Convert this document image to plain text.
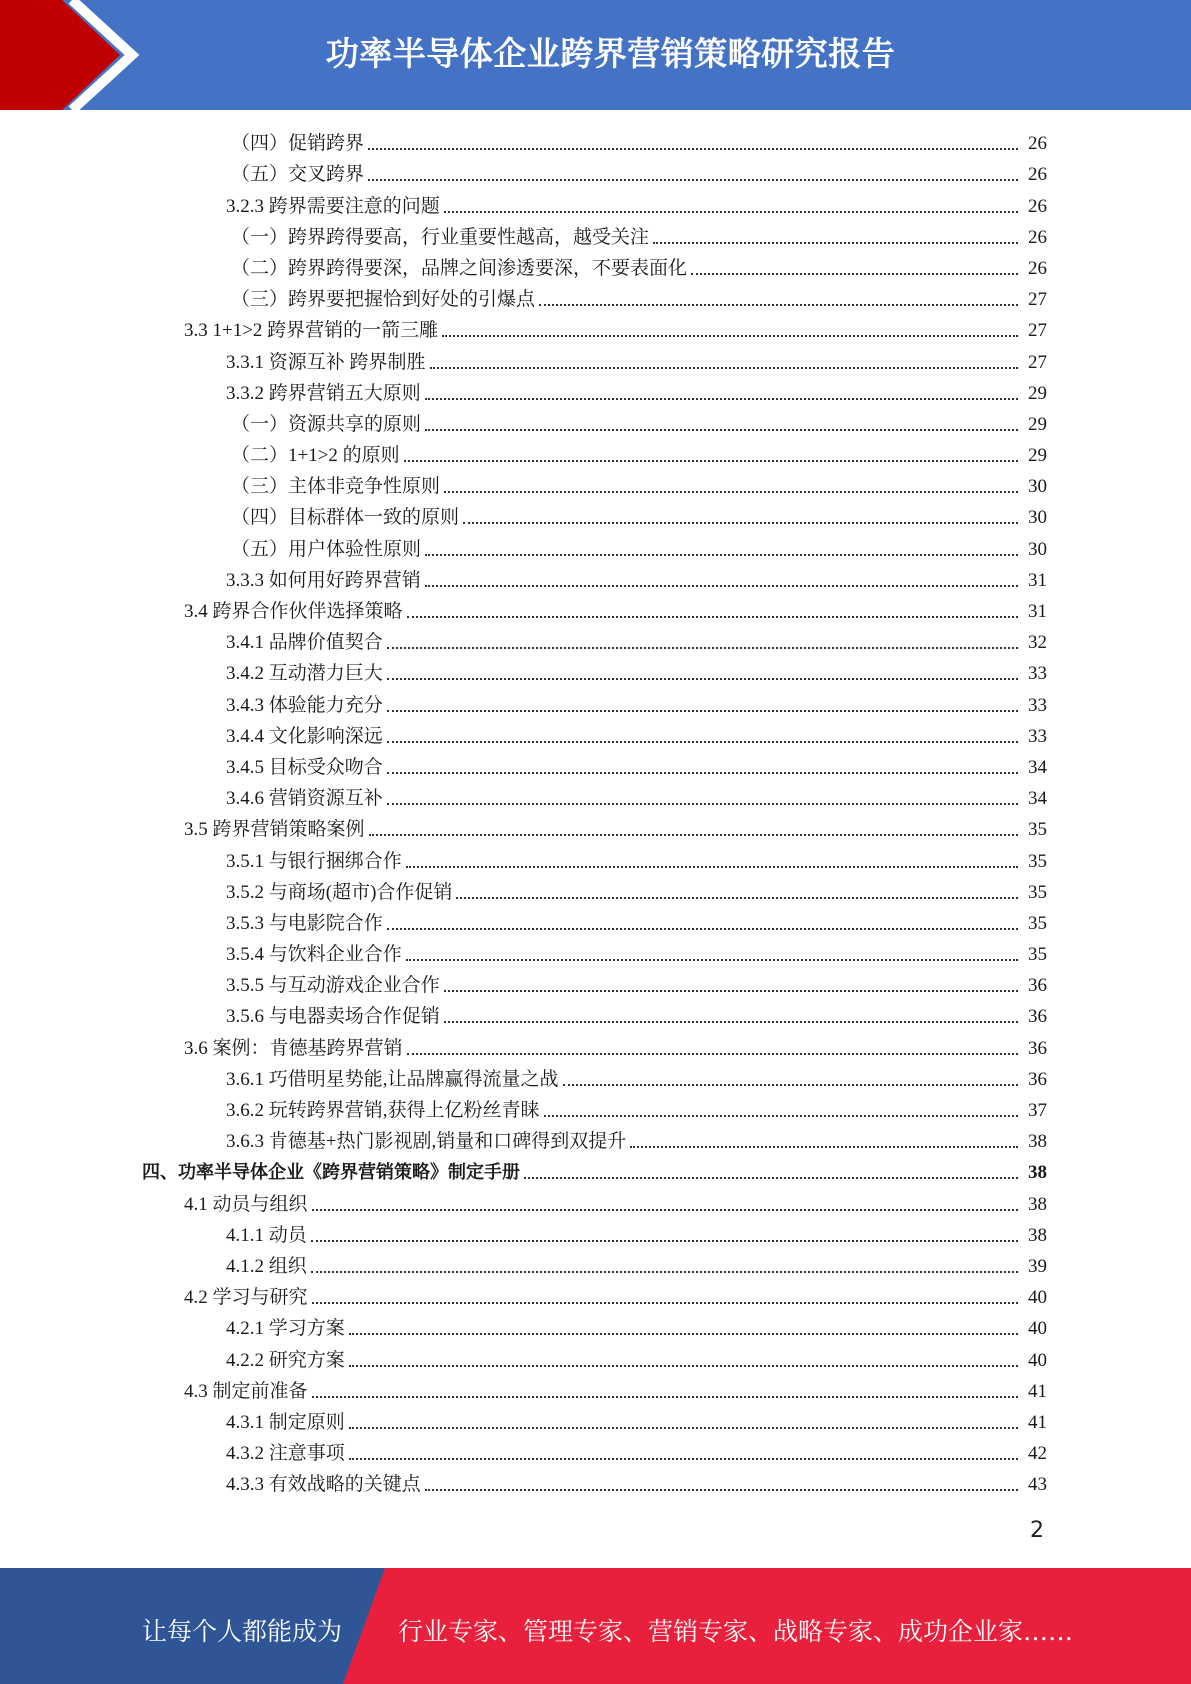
功率半导体企业跨界营销策略研究报告
（四）促销跨界	26
（五）交叉跨界	26
3.2.3 跨界需要注意的问题	26
（一）跨界跨得要高，行业重要性越高，越受关注	26
（二）跨界跨得要深，品牌之间渗透要深，不要表面化	26
（三）跨界要把握恰到好处的引爆点	27
3.3 1+1>2 跨界营销的一箭三雕	27
3.3.1 资源互补 跨界制胜	27
3.3.2 跨界营销五大原则	29
（一）资源共享的原则	29
（二）1+1>2 的原则	29
（三）主体非竞争性原则	30
（四）目标群体一致的原则	30
（五）用户体验性原则	30
3.3.3 如何用好跨界营销	31
3.4 跨界合作伙伴选择策略	31
3.4.1 品牌价值契合	32
3.4.2 互动潜力巨大	33
3.4.3 体验能力充分	33
3.4.4 文化影响深远	33
3.4.5 目标受众吻合	34
3.4.6 营销资源互补	34
3.5 跨界营销策略案例	35
3.5.1 与银行捆绑合作	35
3.5.2 与商场(超市)合作促销	35
3.5.3 与电影院合作	35
3.5.4 与饮料企业合作	35
3.5.5 与互动游戏企业合作	36
3.5.6 与电器卖场合作促销	36
3.6 案例：肯德基跨界营销	36
3.6.1 巧借明星势能,让品牌赢得流量之战	36
3.6.2 玩转跨界营销,获得上亿粉丝青睐	37
3.6.3 肯德基+热门影视剧,销量和口碑得到双提升	38
四、功率半导体企业《跨界营销策略》制定手册	38
4.1 动员与组织	38
4.1.1 动员	38
4.1.2 组织	39
4.2 学习与研究	40
4.2.1 学习方案	40
4.2.2 研究方案	40
4.3 制定前准备	41
4.3.1 制定原则	41
4.3.2 注意事项	42
4.3.3 有效战略的关键点	43
2
让每个人都能成为 行业专家、管理专家、营销专家、战略专家、成功企业家……
